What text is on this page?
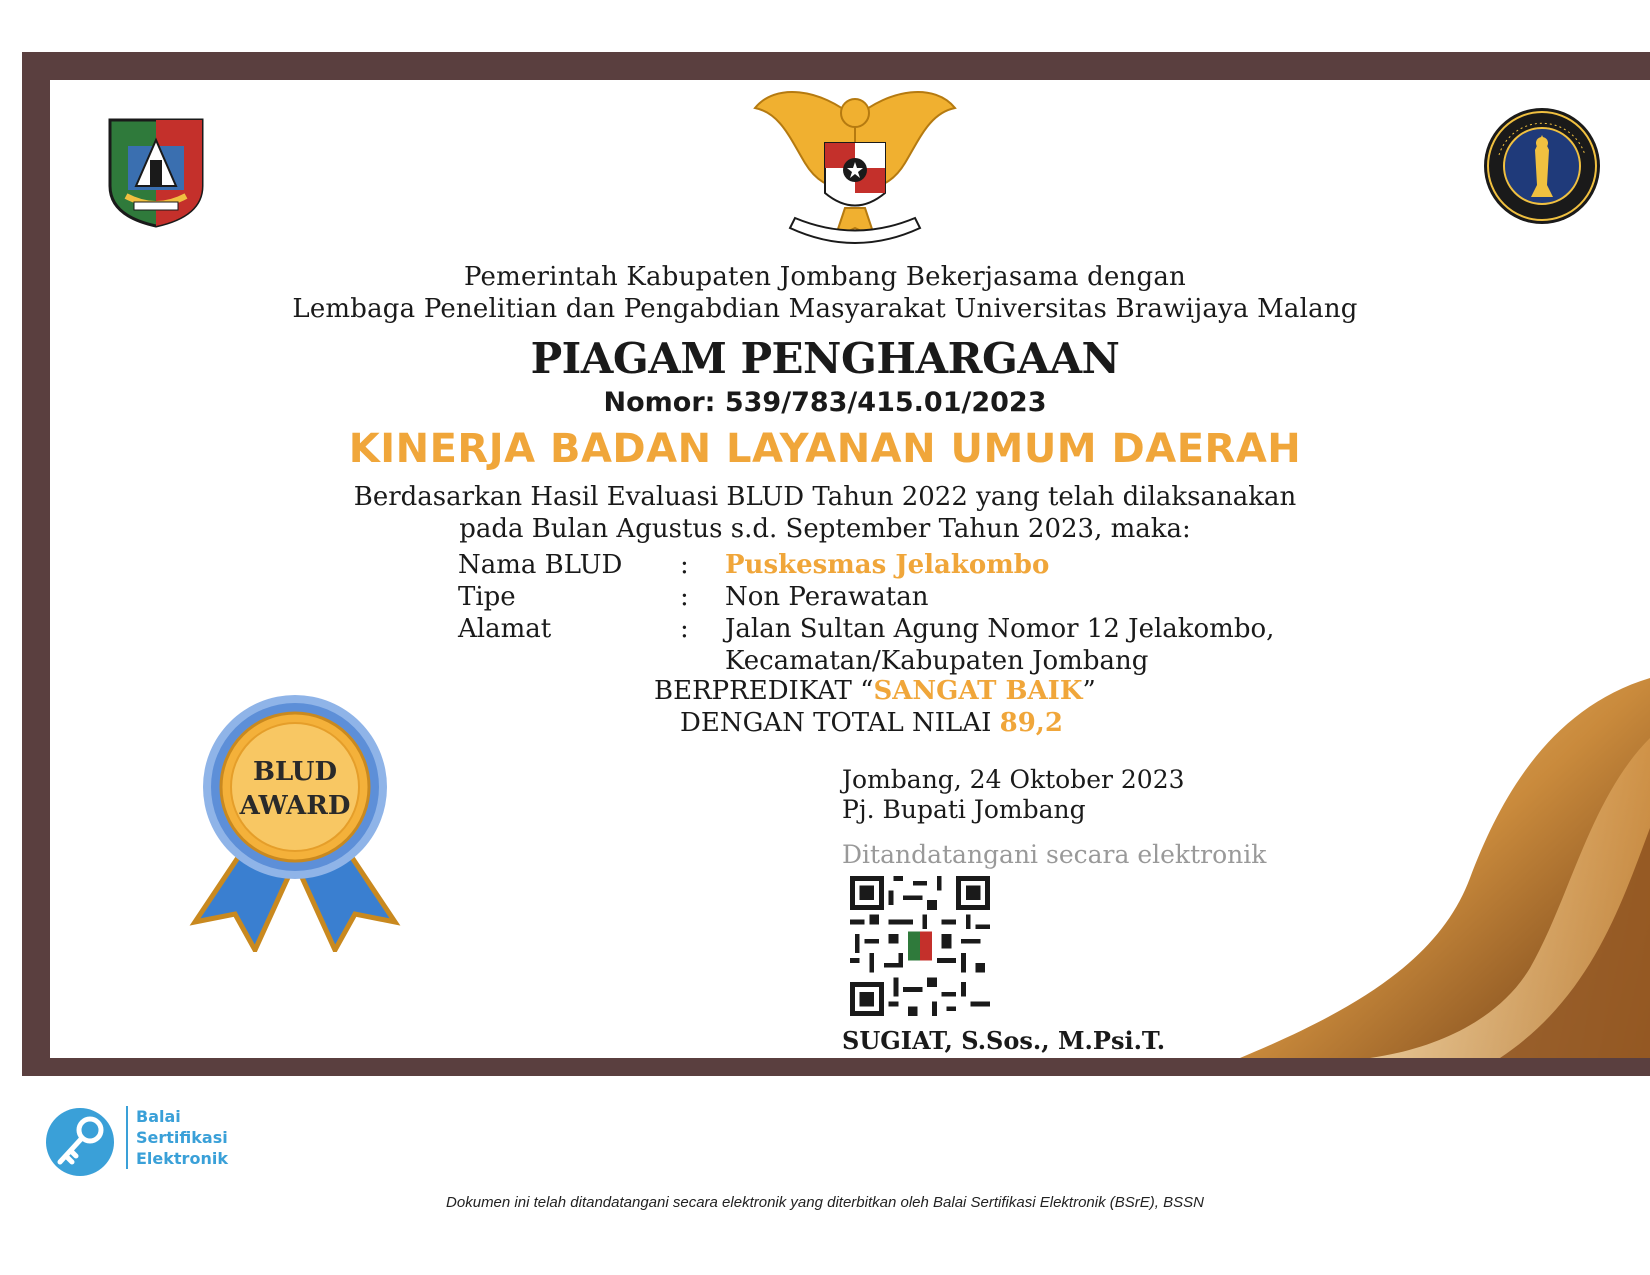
Pemerintah Kabupaten Jombang Bekerjasama dengan
Lembaga Penelitian dan Pengabdian Masyarakat Universitas Brawijaya Malang
PIAGAM PENGHARGAAN
Nomor: 539/783/415.01/2023
KINERJA BADAN LAYANAN UMUM DAERAH
Berdasarkan Hasil Evaluasi BLUD Tahun 2022 yang telah dilaksanakan
pada Bulan Agustus s.d. September Tahun 2023, maka:
Nama BLUD : Puskesmas Jelakombo
Tipe	: Non Perawatan
Alamat	: Jalan Sultan Agung Nomor 12 Jelakombo,
Kecamatan/Kabupaten Jombang
BERPREDIKAT “SANGAT BAIK”
DENGAN TOTAL NILAI 89,2
BLUD
AWARD
Jombang, 24 Oktober 2023
Pj. Bupati Jombang
Ditandatangani secara elektronik
SUGIAT, S.Sos., M.Psi.T.
Balai
Sertifikasi
Elektronik
Dokumen ini telah ditandatangani secara elektronik yang diterbitkan oleh Balai Sertifikasi Elektronik (BSrE), BSSN
